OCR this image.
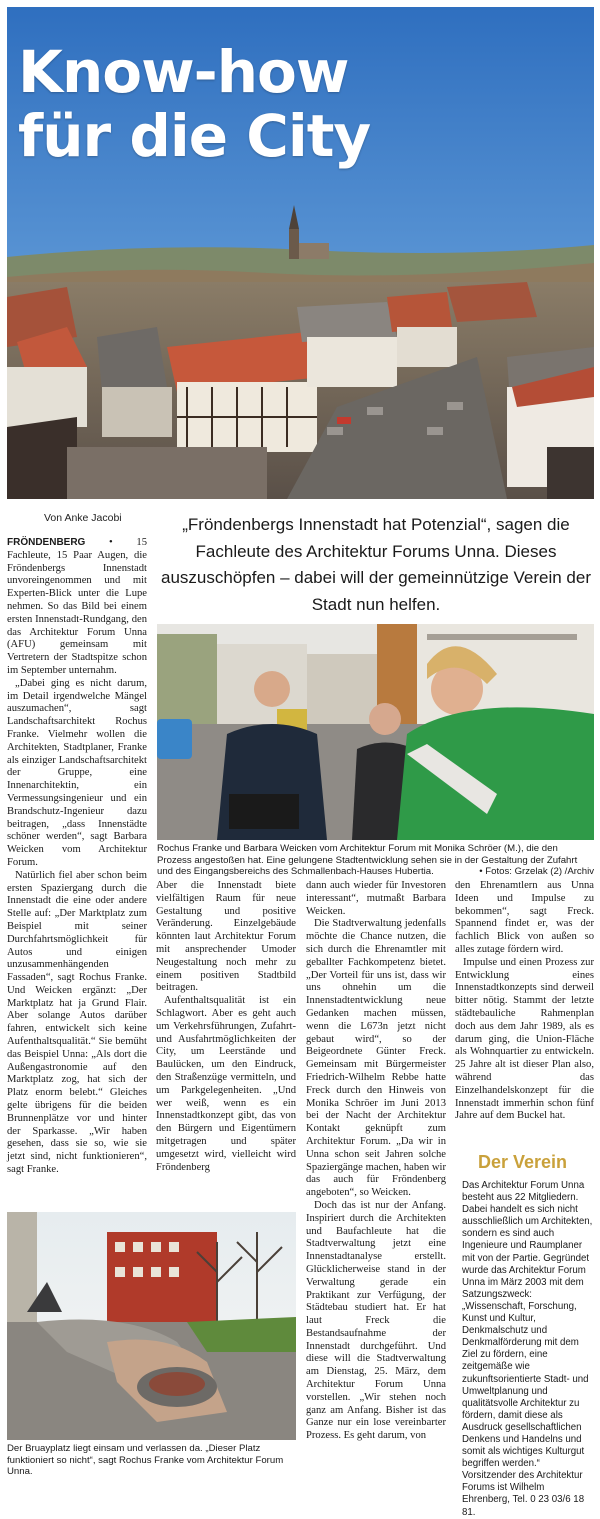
Know-how
für die City
Von Anke Jacobi	„Fröndenbergs Innenstadt hat Potenzial“, sagen die Fachleute des Architektur Forums Unna. Dieses auszuschöpfen – dabei will der gemeinnützige Verein der Stadt nun helfen.

FRÖNDENBERG • 15 Fachleute, 15 Paar Augen, die Fröndenbergs Innenstadt unvoreingenommen und mit Experten-Blick unter die Lupe nehmen. So das Bild bei einem ersten Innenstadt-Rundgang, den das Architektur Forum Unna (AFU) gemeinsam mit Vertretern der Stadtspitze schon im September unternahm.

„Dabei ging es nicht darum, im Detail irgendwelche Mängel auszumachen“, sagt Landschaftsarchitekt Rochus Franke. Vielmehr wollen die Architekten, Stadtplaner, Franke als einziger Landschaftsarchitekt der Gruppe, eine Innenarchitektin, ein Vermessungsingenieur und ein Brandschutz-Ingenieur dazu beitragen, „dass Innenstädte schöner werden“, sagt Barbara Weicken vom Architektur Forum.

Natürlich fiel aber schon beim ersten Spaziergang durch die Innenstadt die eine oder andere Stelle auf: „Der Marktplatz zum Beispiel mit seiner Durchfahrtsmöglichkeit für Autos und einigen unzusammenhängenden Fassaden“, sagt Rochus Franke. Und Weicken ergänzt: „Der Marktplatz hat ja Grund Flair. Aber solange Autos darüber fahren, entwickelt sich keine Aufenthaltsqualität.“ Sie bemüht das Beispiel Unna: „Als dort die Außengastronomie auf den Marktplatz zog, hat sich der Platz enorm belebt.“ Gleiches gelte übrigens für die beiden Brunnenplätze vor und hinter der Sparkasse. „Wir haben gesehen, dass sie so, wie sie jetzt sind, nicht funktionieren“, sagt Franke.

Rochus Franke und Barbara Weicken vom Architektur Forum mit Monika Schröer (M.), die den Prozess angestoßen hat. Eine gelungene Stadtentwicklung sehen sie in der Gestaltung der Zufahrt und des Eingangsbereichs des Schmallenbach-Hauses Hubertia.	• Fotos: Grzelak (2) /Archiv

Aber die Innenstadt biete vielfältigen Raum für neue Gestaltung und positive Veränderung. Einzelgebäude könnten laut Architektur Forum mit ansprechender Umoder Neugestaltung noch mehr zu einem positiven Stadtbild beitragen.

Aufenthaltsqualität ist ein Schlagwort. Aber es geht auch um Verkehrsführungen, Zufahrt- und Ausfahrtmöglichkeiten der City, um Leerstände und Baulücken, um den Eindruck, den Straßenzüge vermitteln, und um Parkgelegenheiten. „Und wer weiß, wenn es ein Innenstadtkonzept gibt, das von den Bürgern und Eigentümern mitgetragen und später umgesetzt wird, vielleicht wird Fröndenberg

dann auch wieder für Investoren interessant“, mutmaßt Barbara Weicken.

Die Stadtverwaltung jedenfalls möchte die Chance nutzen, die sich durch die Ehrenamtler mit geballter Fachkompetenz bietet. „Der Vorteil für uns ist, dass wir uns ohnehin um die Innenstadtentwicklung neue Gedanken machen müssen, wenn die L673n jetzt nicht gebaut wird“, so der Beigeordnete Günter Freck. Gemeinsam mit Bürgermeister Friedrich-Wilhelm Rebbe hatte Freck durch den Hinweis von Monika Schröer im Juni 2013 bei der Nacht der Architektur Kontakt geknüpft zum Architektur Forum. „Da wir in Unna schon seit Jahren solche Spaziergänge machen, haben wir das auch für Fröndenberg angeboten“, so Weicken.

Doch das ist nur der Anfang. Inspiriert durch die Architekten und Baufachleute hat die Stadtverwaltung jetzt eine Innenstadtanalyse erstellt. Glücklicherweise stand in der Verwaltung gerade ein Praktikant zur Verfügung, der Städtebau studiert hat. Er hat laut Freck die Bestandsaufnahme der Innenstadt durchgeführt. Und diese will die Stadtverwaltung am Dienstag, 25. März, dem Architektur Forum Unna vorstellen. „Wir stehen noch ganz am Anfang. Bisher ist das Ganze nur ein lose vereinbarter Prozess. Es geht darum, von

den Ehrenamtlern aus Unna Ideen und Impulse zu bekommen“, sagt Freck. Spannend findet er, was der fachlich Blick von außen so alles zutage fördern wird.

Impulse und einen Prozess zur Entwicklung eines Innenstadtkonzepts sind derweil bitter nötig. Stammt der letzte städtebauliche Rahmenplan doch aus dem Jahr 1989, als es darum ging, die Union-Fläche als Wohnquartier zu entwickeln. 25 Jahre alt ist dieser Plan also, während das Einzelhandelskonzept für die Innenstadt immerhin schon fünf Jahre auf dem Buckel hat.

Der Bruayplatz liegt einsam und verlassen da. „Dieser Platz funktioniert so nicht“, sagt Rochus Franke vom Architektur Forum Unna.
Der Verein
Das Architektur Forum Unna besteht aus 22 Mitgliedern. Dabei handelt es sich nicht ausschließlich um Architekten, sondern es sind auch Ingenieure und Raumplaner mit von der Partie. Gegründet wurde das Architektur Forum Unna im März 2003 mit dem Satzungszweck: „Wissenschaft, Forschung, Kunst und Kultur, Denkmalschutz und Denkmalförderung mit dem Ziel zu fördern, eine zeitgemäße wie zukunftsorientierte Stadt- und Umweltplanung und qualitätsvolle Architektur zu fördern, damit diese als Ausdruck gesellschaftlichen Denkens und Handelns und somit als wichtiges Kulturgut begriffen werden.“ Vorsitzender des Architektur Forums ist Wilhelm Ehrenberg, Tel. 0 23 03/6 18 81.
